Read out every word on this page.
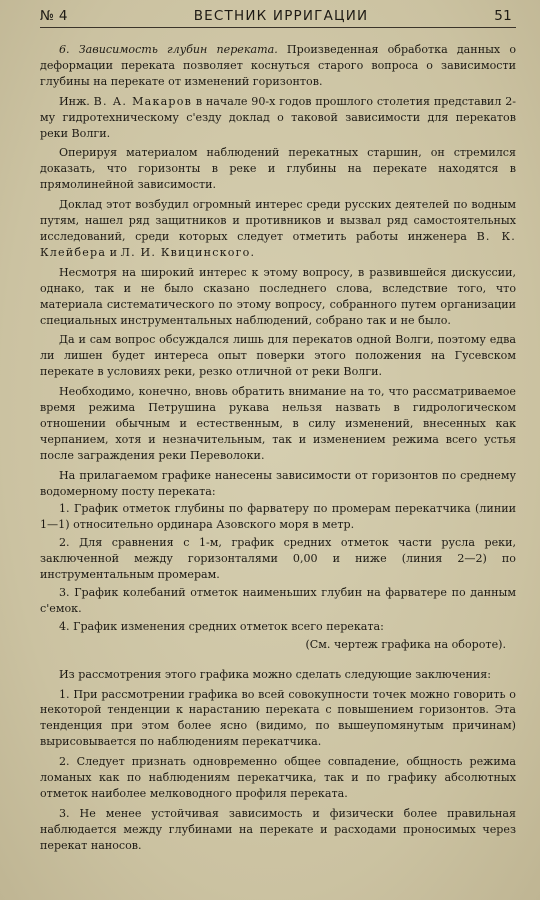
№ 4	ВЕСТНИК ИРРИГАЦИИ	51

6. Зависимость глубин переката. Произведенная обработка данных о деформации переката позволяет коснуться старого вопроса о зависимости глубины на перекате от изменений горизонтов.

Инж. В. А. Макаров в начале 90-х годов прошлого столетия представил 2-му гидротехническому с'езду доклад о таковой зависимости для перекатов реки Волги.

Оперируя материалом наблюдений перекатных старшин, он стремился доказать, что горизонты в реке и глубины на перекате находятся в прямолинейной зависимости.

Доклад этот возбудил огромный интерес среди русских деятелей по водным путям, нашел ряд защитников и противников и вызвал ряд самостоятельных исследований, среди которых следует отметить работы инженера В. К. Клейбера и Л. И. Квицинского.

Несмотря на широкий интерес к этому вопросу, в развившейся дискуссии, однако, так и не было сказано последнего слова, вследствие того, что материала систематического по этому вопросу, собранного путем организации специальных инструментальных наблюдений, собрано так и не было.

Да и сам вопрос обсуждался лишь для перекатов одной Волги, поэтому едва ли лишен будет интереса опыт поверки этого положения на Гусевском перекате в условиях реки, резко отличной от реки Волги.

Необходимо, конечно, вновь обратить внимание на то, что рассматриваемое время режима Петрушина рукава нельзя назвать в гидрологическом отношении обычным и естественным, в силу изменений, внесенных как черпанием, хотя и незначительным, так и изменением режима всего устья после заграждения реки Переволоки.

На прилагаемом графике нанесены зависимости от горизонтов по среднему водомерному посту переката:

1. График отметок глубины по фарватеру по промерам перекатчика (линии 1—1) относительно ординара Азовского моря в метр.

2. Для сравнения с 1-м, график средних отметок части русла реки, заключенной между горизонталями 0,00 и ниже (линия 2—2) по инструментальным промерам.

3. График колебаний отметок наименьших глубин на фарватере по данным с'емок.

4. График изменения средних отметок всего переката:

(См. чертеж графика на обороте).

Из рассмотрения этого графика можно сделать следующие заключения:

1. При рассмотрении графика во всей совокупности точек можно говорить о некоторой тенденции к нарастанию переката с повышением горизонтов. Эта тенденция при этом более ясно (видимо, по вышеупомянутым причинам) вырисовывается по наблюдениям перекатчика.

2. Следует признать одновременно общее совпадение, общность режима ломаных как по наблюдениям перекатчика, так и по графику абсолютных отметок наиболее мелководного профиля переката.

3. Не менее устойчивая зависимость и физически более правильная наблюдается между глубинами на перекате и расходами проносимых через перекат наносов.
